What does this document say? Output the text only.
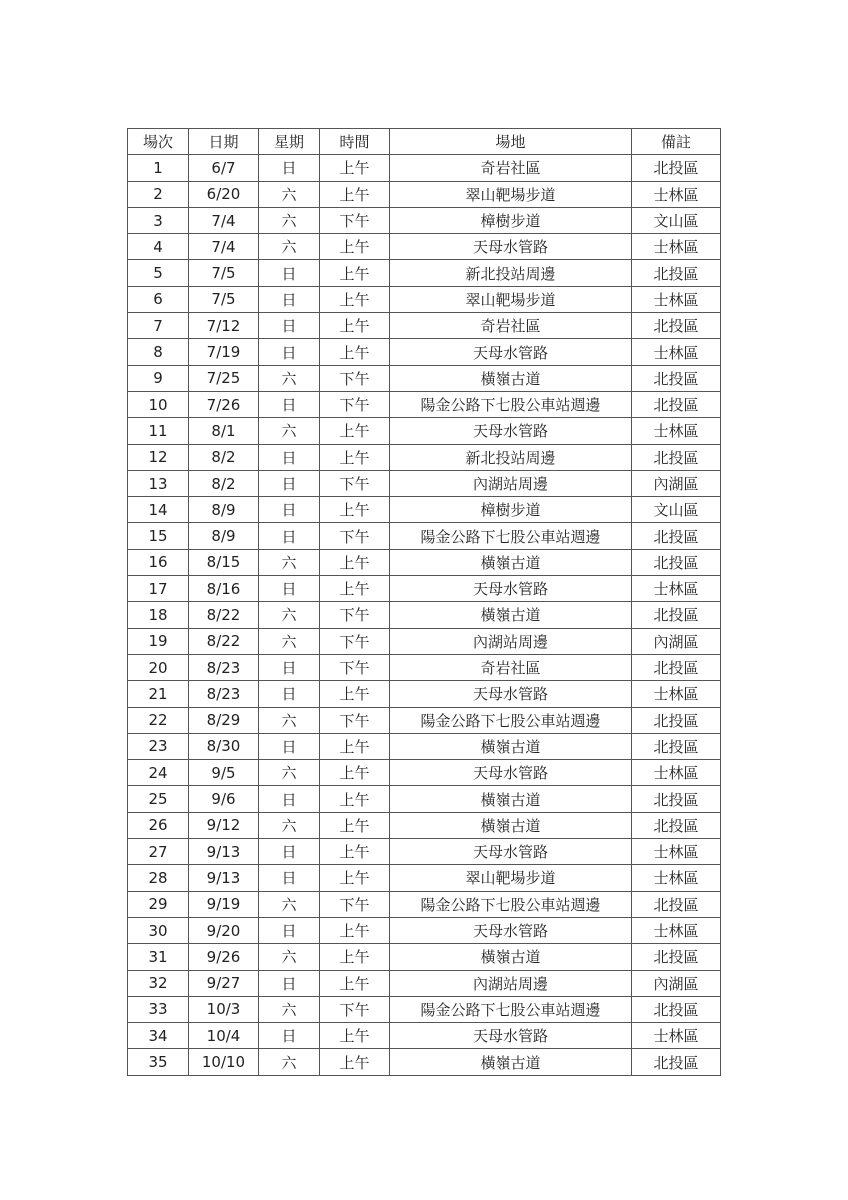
場次	日期	星期	時間	場地	備註
1	6/7	日	上午	奇岩社區	北投區
2	6/20	六	上午	翠山靶場步道	士林區
3	7/4	六	下午	樟樹步道	文山區
4	7/4	六	上午	天母水管路	士林區
5	7/5	日	上午	新北投站周邊	北投區
6	7/5	日	上午	翠山靶場步道	士林區
7	7/12	日	上午	奇岩社區	北投區
8	7/19	日	上午	天母水管路	士林區
9	7/25	六	下午	橫嶺古道	北投區
10	7/26	日	下午	陽金公路下七股公車站週邊	北投區
11	8/1	六	上午	天母水管路	士林區
12	8/2	日	上午	新北投站周邊	北投區
13	8/2	日	下午	內湖站周邊	內湖區
14	8/9	日	上午	樟樹步道	文山區
15	8/9	日	下午	陽金公路下七股公車站週邊	北投區
16	8/15	六	上午	橫嶺古道	北投區
17	8/16	日	上午	天母水管路	士林區
18	8/22	六	下午	橫嶺古道	北投區
19	8/22	六	下午	內湖站周邊	內湖區
20	8/23	日	下午	奇岩社區	北投區
21	8/23	日	上午	天母水管路	士林區
22	8/29	六	下午	陽金公路下七股公車站週邊	北投區
23	8/30	日	上午	橫嶺古道	北投區
24	9/5	六	上午	天母水管路	士林區
25	9/6	日	上午	橫嶺古道	北投區
26	9/12	六	上午	橫嶺古道	北投區
27	9/13	日	上午	天母水管路	士林區
28	9/13	日	上午	翠山靶場步道	士林區
29	9/19	六	下午	陽金公路下七股公車站週邊	北投區
30	9/20	日	上午	天母水管路	士林區
31	9/26	六	上午	橫嶺古道	北投區
32	9/27	日	上午	內湖站周邊	內湖區
33	10/3	六	下午	陽金公路下七股公車站週邊	北投區
34	10/4	日	上午	天母水管路	士林區
35	10/10	六	上午	橫嶺古道	北投區
